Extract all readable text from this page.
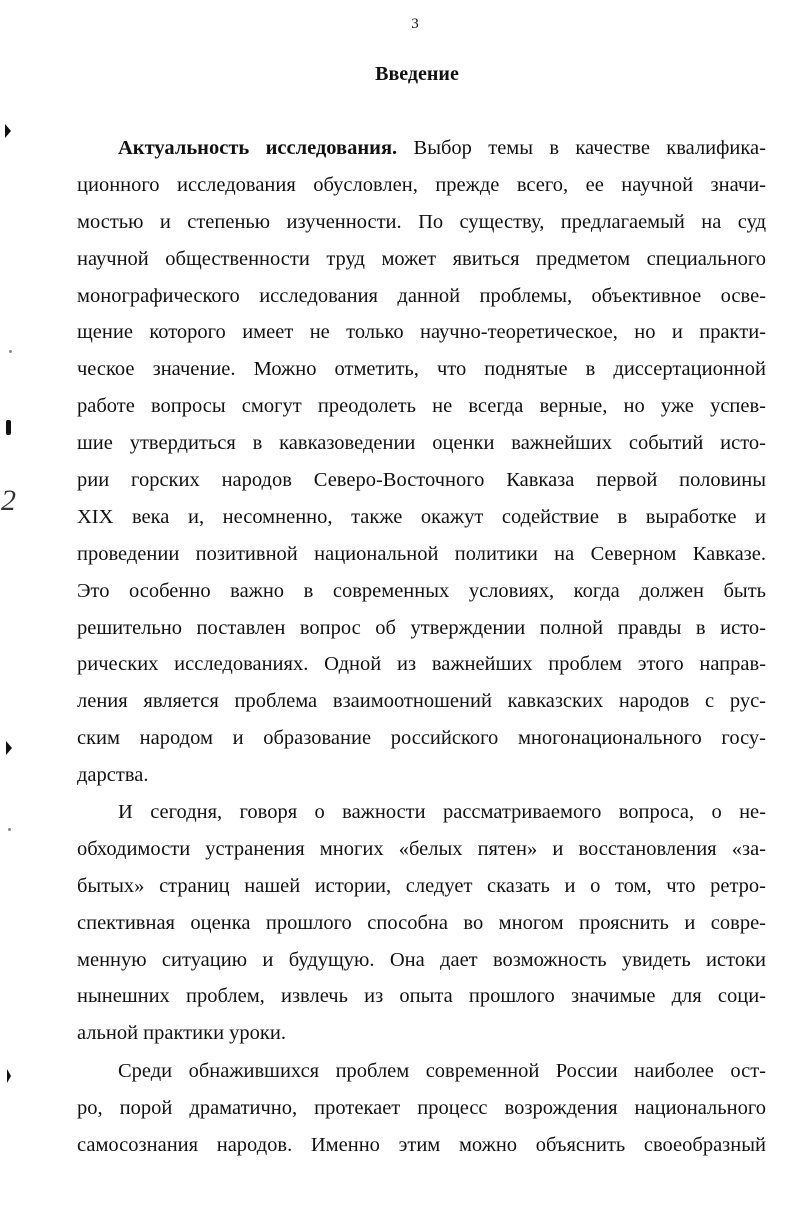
3
Введение
2
Актуальность исследования. Выбор темы в качестве квалифика-
ционного исследования обусловлен, прежде всего, ее научной значи-
мостью и степенью изученности. По существу, предлагаемый на суд
научной общественности труд может явиться предметом специального
монографического исследования данной проблемы, объективное осве-
щение которого имеет не только научно-теоретическое, но и практи-
ческое значение. Можно отметить, что поднятые в диссертационной
работе вопросы смогут преодолеть не всегда верные, но уже успев-
шие утвердиться в кавказоведении оценки важнейших событий исто-
рии горских народов Северо-Восточного Кавказа первой половины
XIX века и, несомненно, также окажут содействие в выработке и
проведении позитивной национальной политики на Северном Кавказе.
Это особенно важно в современных условиях, когда должен быть
решительно поставлен вопрос об утверждении полной правды в исто-
рических исследованиях. Одной из важнейших проблем этого направ-
ления является проблема взаимоотношений кавказских народов с рус-
ским народом и образование российского многонационального госу-
дарства.
И сегодня, говоря о важности рассматриваемого вопроса, о не-
обходимости устранения многих «белых пятен» и восстановления «за-
бытых» страниц нашей истории, следует сказать и о том, что ретро-
спективная оценка прошлого способна во многом прояснить и совре-
менную ситуацию и будущую. Она дает возможность увидеть истоки
нынешних проблем, извлечь из опыта прошлого значимые для соци-
альной практики уроки.
Среди обнажившихся проблем современной России наиболее ост-
ро, порой драматично, протекает процесс возрождения национального
самосознания народов. Именно этим можно объяснить своеобразный
